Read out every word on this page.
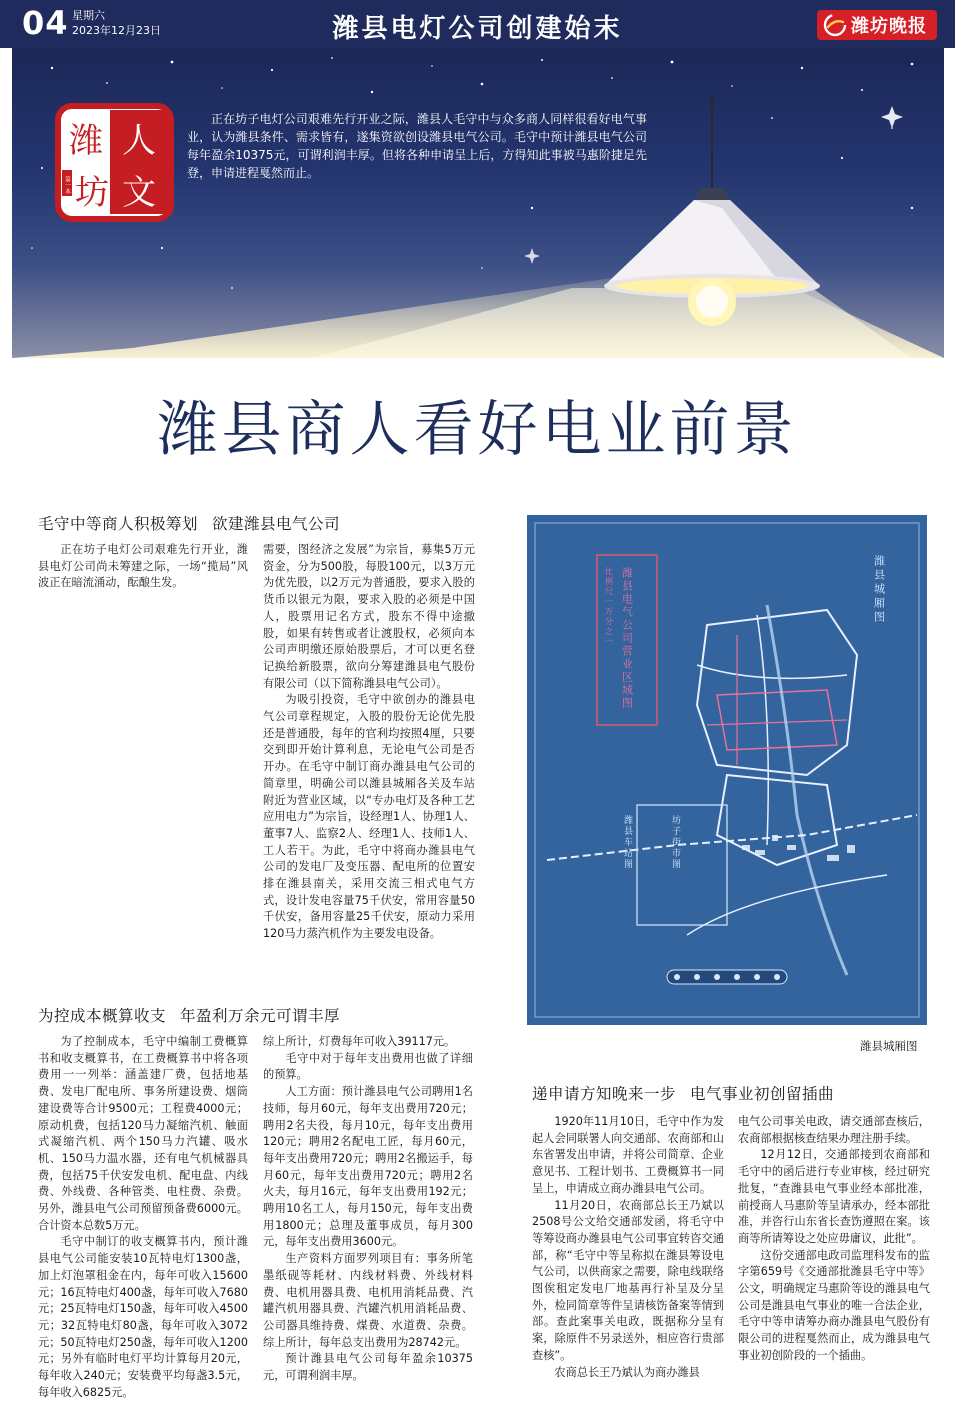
04 星期六
2023年12月23日	潍县电灯公司创建始末	潍坊晚报
潍 人
坊 文
第一本

正在坊子电灯公司艰难先行开业之际，潍县人毛守中与众多商人同样很看好电气事业，认为潍县条件、需求皆有，遂集资欲创设潍县电气公司。毛守中预计潍县电气公司每年盈余10375元，可谓利润丰厚。但将各种申请呈上后，方得知此事被马惠阶捷足先登，申请进程戛然而止。

潍县商人看好电业前景
毛守中等商人积极筹划 欲建潍县电气公司

正在坊子电灯公司艰难先行开业，潍县电灯公司尚未筹建之际，一场“揽局”风波正在暗流涌动，酝酿生发。

需要，图经济之发展”为宗旨，募集5万元资金，分为500股，每股100元，以3万元为优先股，以2万元为普通股，要求入股的货币以银元为限，要求入股的必须是中国人，股票用记名方式，股东不得中途撤股，如果有转售或者让渡股权，必须向本公司声明缴还原始股票后，才可以更名登记换给新股票，欲向分筹建潍县电气股份有限公司（以下简称潍县电气公司）。

为吸引投资，毛守中欲创办的潍县电气公司章程规定，入股的股份无论优先股还是普通股，每年的官利均按照4厘，只要交到即开始计算利息，无论电气公司是否开办。在毛守中制订商办潍县电气公司的简章里，明确公司以潍县城厢各关及车站附近为营业区域，以“专办电灯及各种工艺应用电力”为宗旨，设经理1人、协理1人、董事7人、监察2人、经理1人、技师1人、工人若干。为此，毛守中将商办潍县电气公司的发电厂及变压器、配电所的位置安排在潍县南关，采用交流三相式电气方式，设计发电容量75千伏安，常用容量50千伏安，备用容量25千伏安，原动力采用120马力蒸汽机作为主要发电设备。

潍县电气公司营业区域图
比例尺一万分之一	潍县城厢图
坊子街市图
潍县车站图
潍县城厢图
为控成本概算收支 年盈利万余元可谓丰厚

为了控制成本，毛守中编制工费概算书和收支概算书，在工费概算书中将各项费用一一列举：涵盖建厂费，包括地基费、发电厂配电所、事务所建设费、烟筒建设费等合计9500元；工程费4000元；原动机费，包括120马力凝缩汽机、触面式凝缩汽机、两个150马力汽罐、吸水机、150马力温水器，还有电气机械器具费，包括75千伏安发电机、配电盘、内线费、外线费、各种管类、电柱费、杂费。另外，潍县电气公司预留预备费6000元。合计资本总数5万元。

毛守中制订的收支概算书内，预计潍县电气公司能安装10瓦特电灯1300盏，加上灯泡罩租金在内，每年可收入15600元；16瓦特电灯400盏，每年可收入7680元；25瓦特电灯150盏，每年可收入4500元；32瓦特电灯80盏，每年可收入3072元；50瓦特电灯250盏，每年可收入1200元；另外有临时电灯平均计算每月20元，每年收入240元；安装费平均每盏3.5元，每年收入6825元。

综上所计，灯费每年可收入39117元。

毛守中对于每年支出费用也做了详细的预算。

人工方面：预计潍县电气公司聘用1名技师，每月60元，每年支出费用720元；聘用2名夫役，每月10元，每年支出费用120元；聘用2名配电工匠，每月60元，每年支出费用720元；聘用2名搬运手，每月60元，每年支出费用720元；聘用2名火夫，每月16元，每年支出费用192元；聘用10名工人，每月150元，每年支出费用1800元；总理及董事成员，每月300元，每年支出费用3600元。

生产资料方面罗列项目有：事务所笔墨纸砚等耗材、内线材料费、外线材料费、电机用器具费、电机用消耗品费、汽罐汽机用器具费、汽罐汽机用消耗品费、公司器具维持费、煤费、水道费、杂费。综上所计，每年总支出费用为28742元。

预计潍县电气公司每年盈余10375元，可谓利润丰厚。

递申请方知晚来一步 电气事业初创留插曲

1920年11月10日，毛守中作为发起人会同联署人向交通部、农商部和山东省署发出申请，并将公司简章、企业意见书、工程计划书、工费概算书一同呈上，申请成立商办潍县电气公司。

11月20日，农商部总长王乃斌以2508号公文给交通部发函，将毛守中等筹设商办潍县电气公司事宜转咨交通部，称“毛守中等呈称拟在潍县筹设电气公司，以供商家之需要，除电线联络图俟租定发电厂地基再行补呈及分呈外，检同简章等件呈请核饬备案等情到部。查此案事关电政，既据称分呈有案，除原件不另录送外，相应咨行贵部查核”。

农商总长王乃斌认为商办潍县

电气公司事关电政，请交通部查核后，农商部根据核查结果办理注册手续。

12月12日，交通部接到农商部和毛守中的函后进行专业审核，经过研究批复，“查潍县电气事业经本部批准，前授商人马惠阶等呈请承办，经本部批准，并咨行山东省长查饬遵照在案。该商等所请筹设之处应毋庸议，此批”。

这份交通部电政司监理科发布的监字第659号《交通部批潍县毛守中等》公文，明确规定马惠阶等设的潍县电气公司是潍县电气事业的唯一合法企业，毛守中等申请筹办商办潍县电气股份有限公司的进程戛然而止，成为潍县电气事业初创阶段的一个插曲。
